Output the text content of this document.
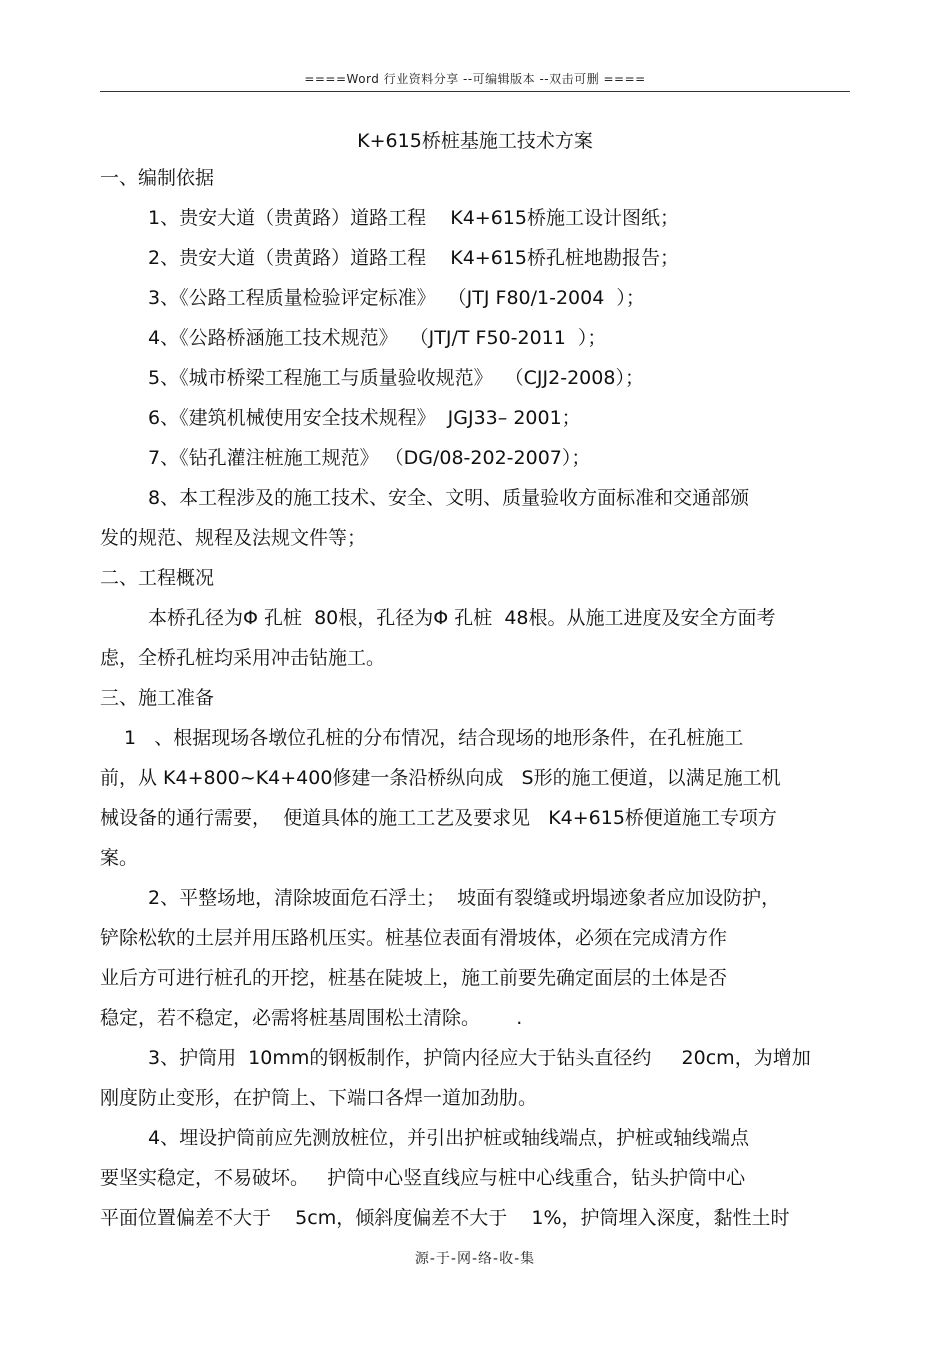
====Word 行业资料分享 --可编辑版本 --双击可删 ====
K+615桥桩基施工技术方案
一、编制依据
1、贵安大道（贵黄路）道路工程    K4+615桥施工设计图纸；
2、贵安大道（贵黄路）道路工程    K4+615桥孔桩地勘报告；
3、《公路工程质量检验评定标准》  （JTJ F80/1-2004  ）；
4、《公路桥涵施工技术规范》  （JTJ/T F50-2011  ）；
5、《城市桥梁工程施工与质量验收规范》  （CJJ2-2008）；
6、《建筑机械使用安全技术规程》  JGJ33– 2001；
7、《钻孔灌注桩施工规范》 （DG/08-202-2007）；
8、本工程涉及的施工技术、安全、文明、质量验收方面标准和交通部颁
发的规范、规程及法规文件等；
二、工程概况
本桥孔径为Φ 孔桩  80根，孔径为Φ 孔桩  48根。从施工进度及安全方面考
虑，全桥孔桩均采用冲击钻施工。
三、施工准备
1   、根据现场各墩位孔桩的分布情况，结合现场的地形条件，在孔桩施工
前，从 K4+800~K4+400修建一条沿桥纵向成   S形的施工便道，以满足施工机
械设备的通行需要，  便道具体的施工工艺及要求见   K4+615桥便道施工专项方
案。
2、平整场地，清除坡面危石浮土；  坡面有裂缝或坍塌迹象者应加设防护，
铲除松软的土层并用压路机压实。桩基位表面有滑坡体，必须在完成清方作
业后方可进行桩孔的开挖，桩基在陡坡上，施工前要先确定面层的土体是否
稳定，若不稳定，必需将桩基周围松土清除。      .
3、护筒用  10mm的钢板制作，护筒内径应大于钻头直径约     20cm，为增加
刚度防止变形，在护筒上、下端口各焊一道加劲肋。
4、埋设护筒前应先测放桩位，并引出护桩或轴线端点，护桩或轴线端点
要坚实稳定，不易破坏。   护筒中心竖直线应与桩中心线重合，钻头护筒中心
平面位置偏差不大于    5cm，倾斜度偏差不大于    1%，护筒埋入深度，黏性土时
源-于-网-络-收-集
